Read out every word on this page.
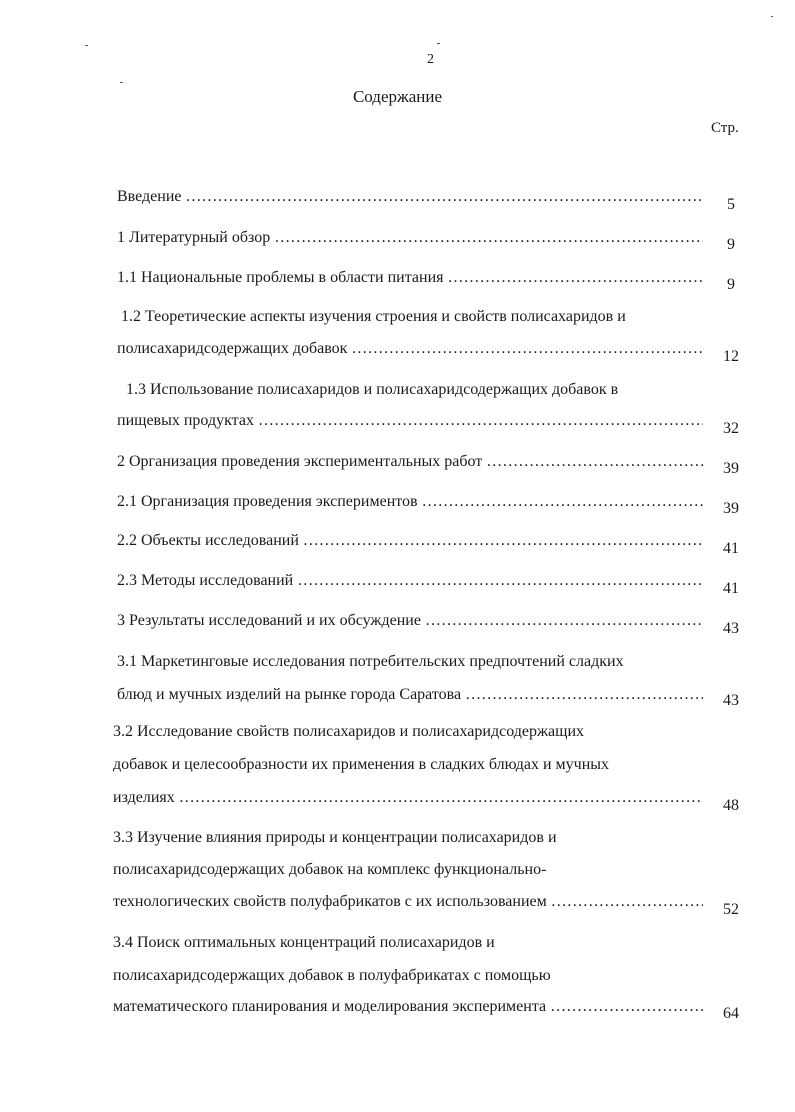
2
Содержание
Стр.
Введение ……………………………………………………………………………………………………………………………………………………	5
1 Литературный обзор ……………………………………………………………………………………………………………………………………………………	9
1.1 Национальные проблемы в области питания ……………………………………………………………………………………………………………………………………………………	9
1.2 Теоретические аспекты изучения строения и свойств полисахаридов и
полисахаридсодержащих добавок ……………………………………………………………………………………………………………………………………………………	12
1.3 Использование полисахаридов и полисахаридсодержащих добавок в
пищевых продуктах ……………………………………………………………………………………………………………………………………………………	32
2 Организация проведения экспериментальных работ ……………………………………………………………………………………………………………………………………………………	39
2.1 Организация проведения экспериментов ……………………………………………………………………………………………………………………………………………………	39
2.2 Объекты исследований ……………………………………………………………………………………………………………………………………………………	41
2.3 Методы исследований ……………………………………………………………………………………………………………………………………………………	41
3 Результаты исследований и их обсуждение ……………………………………………………………………………………………………………………………………………………	43
3.1 Маркетинговые исследования потребительских предпочтений сладких
блюд и мучных изделий на рынке города Саратова ……………………………………………………………………………………………………………………………………………………	43
3.2 Исследование свойств полисахаридов и полисахаридсодержащих
добавок и целесообразности их применения в сладких блюдах и мучных
изделиях ……………………………………………………………………………………………………………………………………………………	48
3.3 Изучение влияния природы и концентрации полисахаридов и
полисахаридсодержащих добавок на комплекс функционально-
технологических свойств полуфабрикатов с их использованием ……………………………………………………………………………………………………………………………………………………	52
3.4 Поиск оптимальных концентраций полисахаридов и
полисахаридсодержащих добавок в полуфабрикатах с помощью
математического планирования и моделирования эксперимента ……………………………………………………………………………………………………………………………………………………	64
